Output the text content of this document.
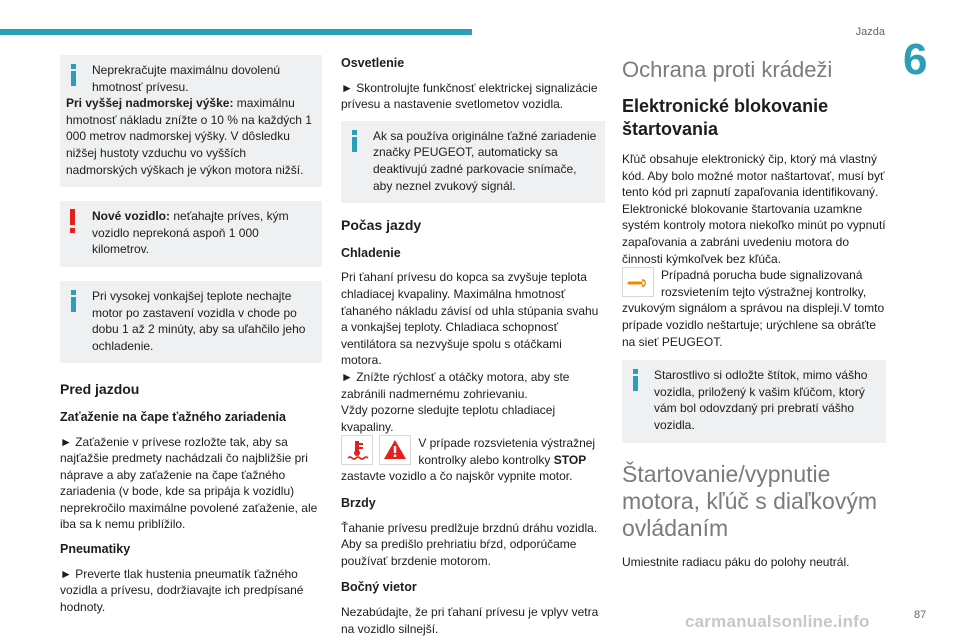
Jazda
6

Neprekračujte maximálnu dovolenú hmotnosť prívesu.

Pri vyššej nadmorskej výške: maximálnu hmotnosť nákladu znížte o 10 % na každých 1 000 metrov nadmorskej výšky. V dôsledku nižšej hustoty vzduchu vo vyšších nadmorských výškach je výkon motora nižší.

Nové vozidlo: neťahajte príves, kým vozidlo neprekoná aspoň 1 000 kilometrov.

Pri vysokej vonkajšej teplote nechajte motor po zastavení vozidla v chode po dobu 1 až 2 minúty, aby sa uľahčilo jeho ochladenie.

Pred jazdou
Zaťaženie na čape ťažného zariadenia

► Zaťaženie v prívese rozložte tak, aby sa najťažšie predmety nachádzali čo najbližšie pri náprave a aby zaťaženie na čape ťažného zariadenia (v bode, kde sa pripája k vozidlu) neprekročilo maximálne povolené zaťaženie, ale iba sa k nemu priblížilo.

Pneumatiky

► Preverte tlak hustenia pneumatík ťažného vozidla a prívesu, dodržiavajte ich predpísané hodnoty.

Osvetlenie

► Skontrolujte funkčnosť elektrickej signalizácie prívesu a nastavenie svetlometov vozidla.

Ak sa používa originálne ťažné zariadenie značky PEUGEOT, automaticky sa deaktivujú zadné parkovacie snímače, aby neznel zvukový signál.

Počas jazdy
Chladenie

Pri ťahaní prívesu do kopca sa zvyšuje teplota chladiacej kvapaliny. Maximálna hmotnosť ťahaného nákladu závisí od uhla stúpania svahu a vonkajšej teploty. Chladiaca schopnosť ventilátora sa nezvyšuje spolu s otáčkami motora.

► Znížte rýchlosť a otáčky motora, aby ste zabránili nadmernému zohrievaniu.

Vždy pozorne sledujte teplotu chladiacej kvapaliny.

V prípade rozsvietenia výstražnej kontrolky alebo kontrolky STOP zastavte vozidlo a čo najskôr vypnite motor.
Brzdy

Ťahanie prívesu predlžuje brzdnú dráhu vozidla. Aby sa predišlo prehriatiu bŕzd, odporúčame používať brzdenie motorom.

Bočný vietor

Nezabúdajte, že pri ťahaní prívesu je vplyv vetra na vozidlo silnejší.

Ochrana proti krádeži
Elektronické blokovanie štartovania

Kľúč obsahuje elektronický čip, ktorý má vlastný kód. Aby bolo možné motor naštartovať, musí byť tento kód pri zapnutí zapaľovania identifikovaný.

Elektronické blokovanie štartovania uzamkne systém kontroly motora niekoľko minút po vypnutí zapaľovania a zabráni uvedeniu motora do činnosti kýmkoľvek bez kľúča.

Prípadná porucha bude signalizovaná rozsvietením tejto výstražnej kontrolky, zvukovým signálom a správou na displeji.V tomto prípade vozidlo neštartuje; urýchlene sa obráťte na sieť PEUGEOT.

Starostlivo si odložte štítok, mimo vášho vozidla, priložený k vašim kľúčom, ktorý vám bol odovzdaný pri prebratí vášho vozidla.

Štartovanie/vypnutie motora, kľúč s diaľkovým ovládaním

Umiestnite radiacu páku do polohy neutrál.

carmanualsonline.info	87
